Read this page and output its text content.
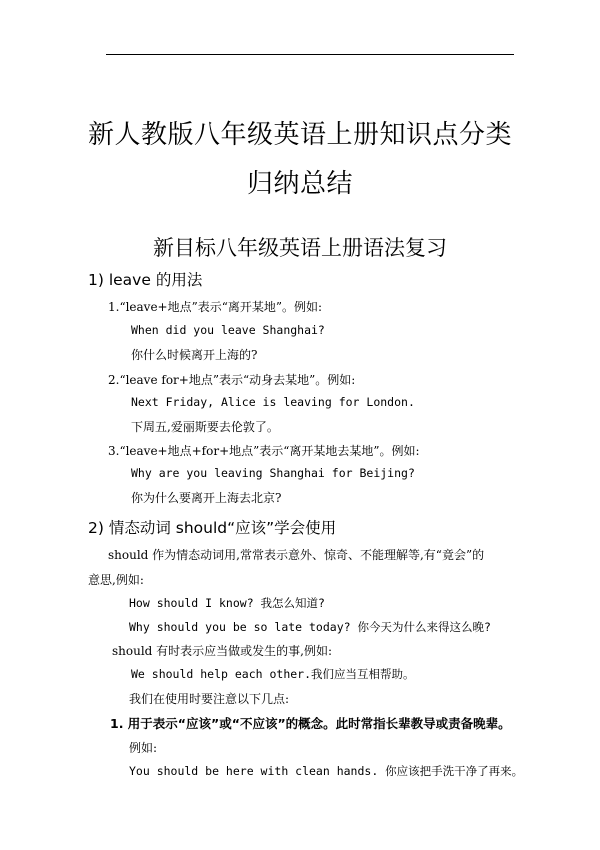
新人教版八年级英语上册知识点分类
归纳总结
新目标八年级英语上册语法复习
1) leave 的用法
1.“leave+地点”表示“离开某地”。例如:
When did you leave Shanghai?
你什么时候离开上海的?
2.“leave for+地点”表示“动身去某地”。例如:
Next Friday, Alice is leaving for London.
下周五,爱丽斯要去伦敦了。
3.“leave+地点+for+地点”表示“离开某地去某地”。例如:
Why are you leaving Shanghai for Beijing?
你为什么要离开上海去北京?
2) 情态动词 should“应该”学会使用
should 作为情态动词用,常常表示意外、惊奇、不能理解等,有“竟会”的
意思,例如:
How should I know? 我怎么知道?
Why should you be so late today? 你今天为什么来得这么晚?
should 有时表示应当做或发生的事,例如:
We should help each other.我们应当互相帮助。
我们在使用时要注意以下几点:
1. 用于表示“应该”或“不应该”的概念。此时常指长辈教导或责备晚辈。
例如:
You should be here with clean hands. 你应该把手洗干净了再来。
